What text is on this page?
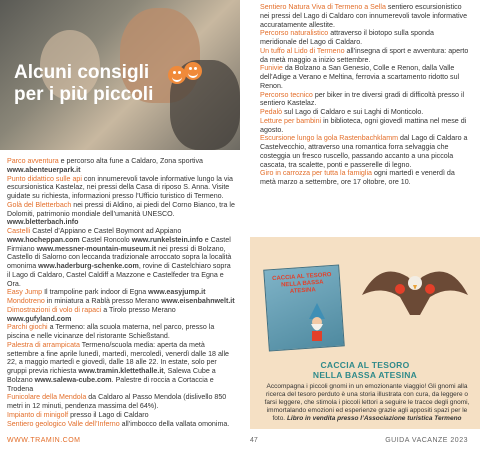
Alcuni consigli
per i più piccoli
Parco avventura e percorso alta fune a Caldaro, Zona sportiva www.abenteuerpark.it
Punto didattico sulle api con innumerevoli tavole informative lungo la via escursionistica Kastelaz, nei pressi della Casa di riposo S. Anna. Visite guidate su richiesta, informazioni presso l’Ufficio turistico di Termeno.
Golà del Bletterbach nei pressi di Aldino, ai piedi del Corno Bianco, tra le Dolomiti, patrimonio mondiale dell’umanità UNESCO. www.bletterbach.info
Castelli Castel d’Appiano e Castel Boymont ad Appiano www.hocheppan.com Castel Roncolo www.runkelstein.info e Castel Firmiano www.messner-mountain-museum.it nei pressi di Bolzano, Castello di Salorno con leccanda tradizionale arroccato sopra la località omonima www.haderburg-schenke.com, rovine di Castelchiaro sopra il Lago di Caldaro, Castel Caldiff a Mazzone e Castelfeder tra Egna e Ora.
Easy Jump Il trampoline park indoor di Egna www.easyjump.it
Mondotreno in miniatura a Rablà presso Merano www.eisenbahnwelt.it
Dimostrazioni di volo di rapaci a Tirolo presso Merano www.gufyland.com
Parchi giochi a Termeno: alla scuola materna, nel parco, presso la piscina e nelle vicinanze del ristorante Schießstand.
Palestra di arrampicata Termeno/scuola media: aperta da metà settembre a fine aprile lunedì, martedì, mercoledì, venerdì dalle 18 alle 22, a maggio martedì e giovedì, dalle 18 alle 22. In estate, solo per gruppi previa richiesta www.tramin.klettethalle.it, Salewa Cube a Bolzano www.salewa-cube.com. Palestre di roccia a Cortaccia e Trodena
Funicolare della Mendola da Caldaro al Passo Mendola (dislivello 850 metri in 12 minuti, pendenza massima del 64%).
Impianto di minigolf presso il Lago di Caldaro
Sentiero geologico Valle dell’Inferno all’imbocco della vallata omonima.
WWW.TRAMIN.COM
Sentiero Natura Viva di Termeno a Sella sentiero escursionistico nei pressi del Lago di Caldaro con innumerevoli tavole informative accuratamente allestite.
Percorso naturalistico attraverso il biotopo sulla sponda meridionale del Lago di Caldaro.
Un tuffo al Lido di Termeno all’insegna di sport e avventura: aperto da metà maggio a inizio settembre.
Funivie da Bolzano a San Genesio, Colle e Renon, dalla Valle dell’Adige a Verano e Meltina, ferrovia a scartamento ridotto sul Renon.
Percorso tecnico per biker in tre diversi gradi di difficoltà presso il sentiero Kastelaz.
Pedalò sul Lago di Caldaro e sui Laghi di Monticolo.
Letture per bambini in biblioteca, ogni giovedì mattina nel mese di agosto.
Escursione lungo la gola Rastenbachklamm dal Lago di Caldaro a Castelvecchio, attraverso una romantica forra selvaggia che costeggia un fresco ruscello, passando accanto a una piccola cascata, tra scalette, ponti e passerelle di legno.
Giro in carrozza per tutta la famiglia ogni martedì e venerdì da metà marzo a settembre, ore 17 oltobre, ore 10.
CACCIA AL TESORO NELLA BASSA ATESINA
CACCIA AL TESORO
NELLA BASSA ATESINA
Accompagna i piccoli gnomi in un emozionante viaggio! Gli gnomi alla ricerca del tesoro perduto è una storia illustrata con cura, da leggere o farsi leggere, che stimola i piccoli lettori a seguire le tracce degli gnomi, immortalando emozioni ed esperienze grazie agli appositi spazi per le foto. Libro in vendita presso l’Associazione turistica Termeno
47	GUIDA VACANZE 2023
